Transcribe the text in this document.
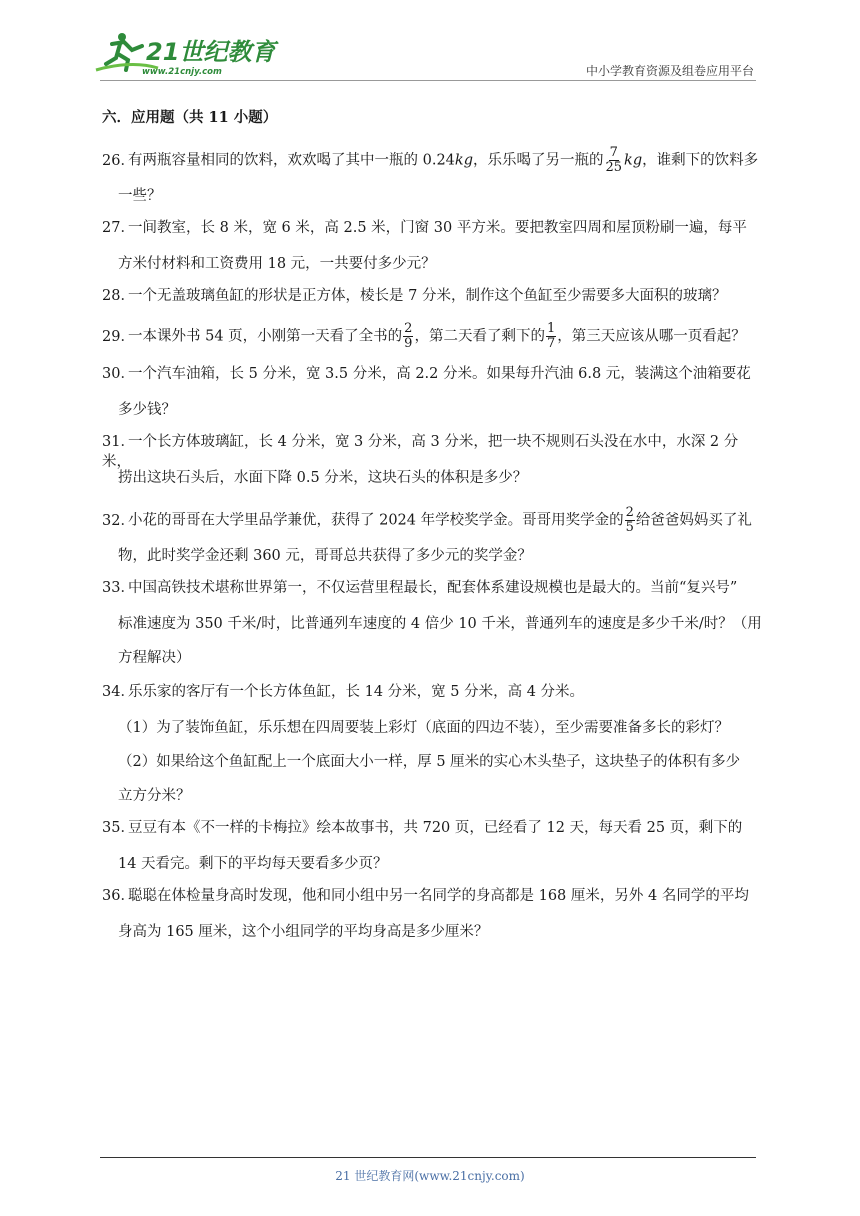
21世纪教育
www.21cnjy.com	中小学教育资源及组卷应用平台
六．应用题（共 11 小题）
26．有两瓶容量相同的饮料，欢欢喝了其中一瓶的 0.24kg，乐乐喝了另一瓶的 $\frac{7}{25}$ kg，谁剩下的饮料多
一些？
27．一间教室，长 8 米，宽 6 米，高 2.5 米，门窗 30 平方米。要把教室四周和屋顶粉刷一遍，每平
方米付材料和工资费用 18 元，一共要付多少元？
28．一个无盖玻璃鱼缸的形状是正方体，棱长是 7 分米，制作这个鱼缸至少需要多大面积的玻璃？
29．一本课外书 54 页，小刚第一天看了全书的 $\frac{2}{9}$ ，第二天看了剩下的 $\frac{1}{7}$ ，第三天应该从哪一页看起？
30．一个汽车油箱，长 5 分米，宽 3.5 分米，高 2.2 分米。如果每升汽油 6.8 元，装满这个油箱要花
多少钱？
31．一个长方体玻璃缸，长 4 分米，宽 3 分米，高 3 分米，把一块不规则石头没在水中，水深 2 分米，
捞出这块石头后，水面下降 0.5 分米，这块石头的体积是多少？
32．小花的哥哥在大学里品学兼优，获得了 2024 年学校奖学金。哥哥用奖学金的 $\frac{2}{5}$ 给爸爸妈妈买了礼
物，此时奖学金还剩 360 元，哥哥总共获得了多少元的奖学金？
33．中国高铁技术堪称世界第一，不仅运营里程最长，配套体系建设规模也是最大的。当前“复兴号”
标准速度为 350 千米/时，比普通列车速度的 4 倍少 10 千米，普通列车的速度是多少千米/时？（用
方程解决）
34．乐乐家的客厅有一个长方体鱼缸，长 14 分米，宽 5 分米，高 4 分米。
（1）为了装饰鱼缸，乐乐想在四周要装上彩灯（底面的四边不装），至少需要准备多长的彩灯？
（2）如果给这个鱼缸配上一个底面大小一样，厚 5 厘米的实心木头垫子，这块垫子的体积有多少
立方分米？
35．豆豆有本《不一样的卡梅拉》绘本故事书，共 720 页，已经看了 12 天，每天看 25 页，剩下的
14 天看完。剩下的平均每天要看多少页？
36．聪聪在体检量身高时发现，他和同小组中另一名同学的身高都是 168 厘米，另外 4 名同学的平均
身高为 165 厘米，这个小组同学的平均身高是多少厘米？
21 世纪教育网(www.21cnjy.com)
